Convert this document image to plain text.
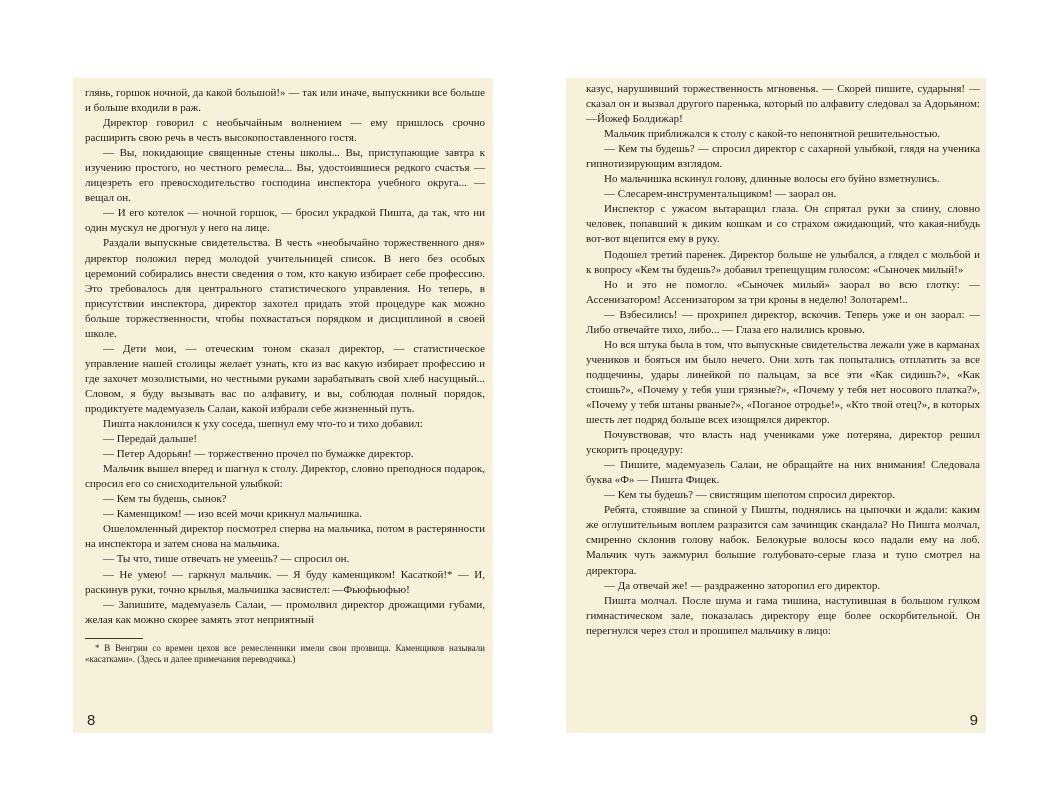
глянь, горшок ночной, да какой большой!» — так или иначе, выпускники все больше и больше входили в раж.

Директор говорил с необычайным волнением — ему пришлось срочно расширить свою речь в честь высокопоставленного гостя.

— Вы, покидающие священные стены школы... Вы, приступающие завтра к изучению простого, но честного ремесла... Вы, удостоившиеся редкого счастья — лицезреть его превосходительство господина инспектора учебного округа... — вещал он.

— И его котелок — ночной горшок, — бросил украдкой Пишта, да так, что ни один мускул не дрогнул у него на лице.

Раздали выпускные свидетельства. В честь «необычайно торжественного дня» директор положил перед молодой учительницей список. В него без особых церемоний собирались внести сведения о том, кто какую избирает себе профессию. Это требовалось для центрального статистического управления. Но теперь, в присутствии инспектора, директор захотел придать этой процедуре как можно больше торжественности, чтобы похвастаться порядком и дисциплиной в своей школе.

— Дети мои, — отеческим тоном сказал директор, — статистическое управление нашей столицы желает узнать, кто из вас какую избирает профессию и где захочет мозолистыми, но честными руками зарабатывать свой хлеб насущный... Словом, я буду вызывать вас по алфавиту, и вы, соблюдая полный порядок, продиктуете мадемуазель Салаи, какой избрали себе жизненный путь.

Пишта наклонился к уху соседа, шепнул ему что-то и тихо добавил:

— Передай дальше!

— Петер Адорьян! — торжественно прочел по бумажке директор.

Мальчик вышел вперед и шагнул к столу. Директор, словно преподнося подарок, спросил его со снисходительной улыбкой:

— Кем ты будешь, сынок?

— Каменщиком! — изо всей мочи крикнул мальчишка.

Ошеломленный директор посмотрел сперва на мальчика, потом в растерянности на инспектора и затем снова на мальчика.

— Ты что, тише отвечать не умеешь? — спросил он.

— Не умею! — гаркнул мальчик. — Я буду каменщиком! Касаткой!* — И, раскинув руки, точно крылья, мальчишка засвистел: —Фьюфьюфью!

— Запишите, мадемуазель Салаи, — промолвил директор дрожащими губами, желая как можно скорее замять этот неприятный

* В Венгрии со времен цехов все ремесленники имели свои прозвища. Каменщиков называли «касатками». (Здесь и далее примечания переводчика.)

8

казус, нарушивший торжественность мгновенья. — Скорей пишите, сударыня! — сказал он и вызвал другого паренька, который по алфавиту следовал за Адорьяном: —Йожеф Болдижар!

Мальчик приближался к столу с какой-то непонятной решительностью.

— Кем ты будешь? — спросил директор с сахарной улыбкой, глядя на ученика гипнотизирующим взглядом.

Но мальчишка вскинул голову, длинные волосы его буйно взметнулись.

— Слесарем-инструментальщиком! — заорал он.

Инспектор с ужасом вытаращил глаза. Он спрятал руки за спину, словно человек, попавший к диким кошкам и со страхом ожидающий, что какая-нибудь вот-вот вцепится ему в руку.

Подошел третий паренек. Директор больше не улыбался, а глядел с мольбой и к вопросу «Кем ты будешь?» добавил трепещущим голосом: «Сыночек милый!»

Но и это не помогло. «Сыночек милый» заорал во всю глотку: — Ассенизатором! Ассенизатором за три кроны в неделю! Золотарем!..

— Взбесились! — прохрипел директор, вскочив. Теперь уже и он заорал: — Либо отвечайте тихо, либо... — Глаза его налились кровью.

Но вся штука была в том, что выпускные свидетельства лежали уже в карманах учеников и бояться им было нечего. Они хоть так попытались отплатить за все подщечины, удары линейкой по пальцам, за все эти «Как сидишь?», «Как стоишь?», «Почему у тебя уши грязные?», «Почему у тебя нет носового платка?», «Почему у тебя штаны рваные?», «Поганое отродье!», «Кто твой отец?», в которых шесть лет подряд больше всех изощрялся директор.

Почувствовав, что власть над учениками уже потеряна, директор решил ускорить процедуру:

— Пишите, мадемуазель Салаи, не обращайте на них внимания! Следовала буква «Ф» — Пишта Фицек.

— Кем ты будешь? — свистящим шепотом спросил директор.

Ребята, стоявшие за спиной у Пишты, поднялись на цыпочки и ждали: каким же оглушительным воплем разразится сам зачинщик скандала? Но Пишта молчал, смиренно склонив голову набок. Белокурые волосы косо падали ему на лоб. Мальчик чуть зажмурил большие голубовато-серые глаза и тупо смотрел на директора.

— Да отвечай же! — раздраженно заторопил его директор.

Пишта молчал. После шума и гама тишина, наступившая в большом гулком гимнастическом зале, показалась директору еще более оскорбительной. Он перегнулся через стол и прошипел мальчику в лицо:

9
